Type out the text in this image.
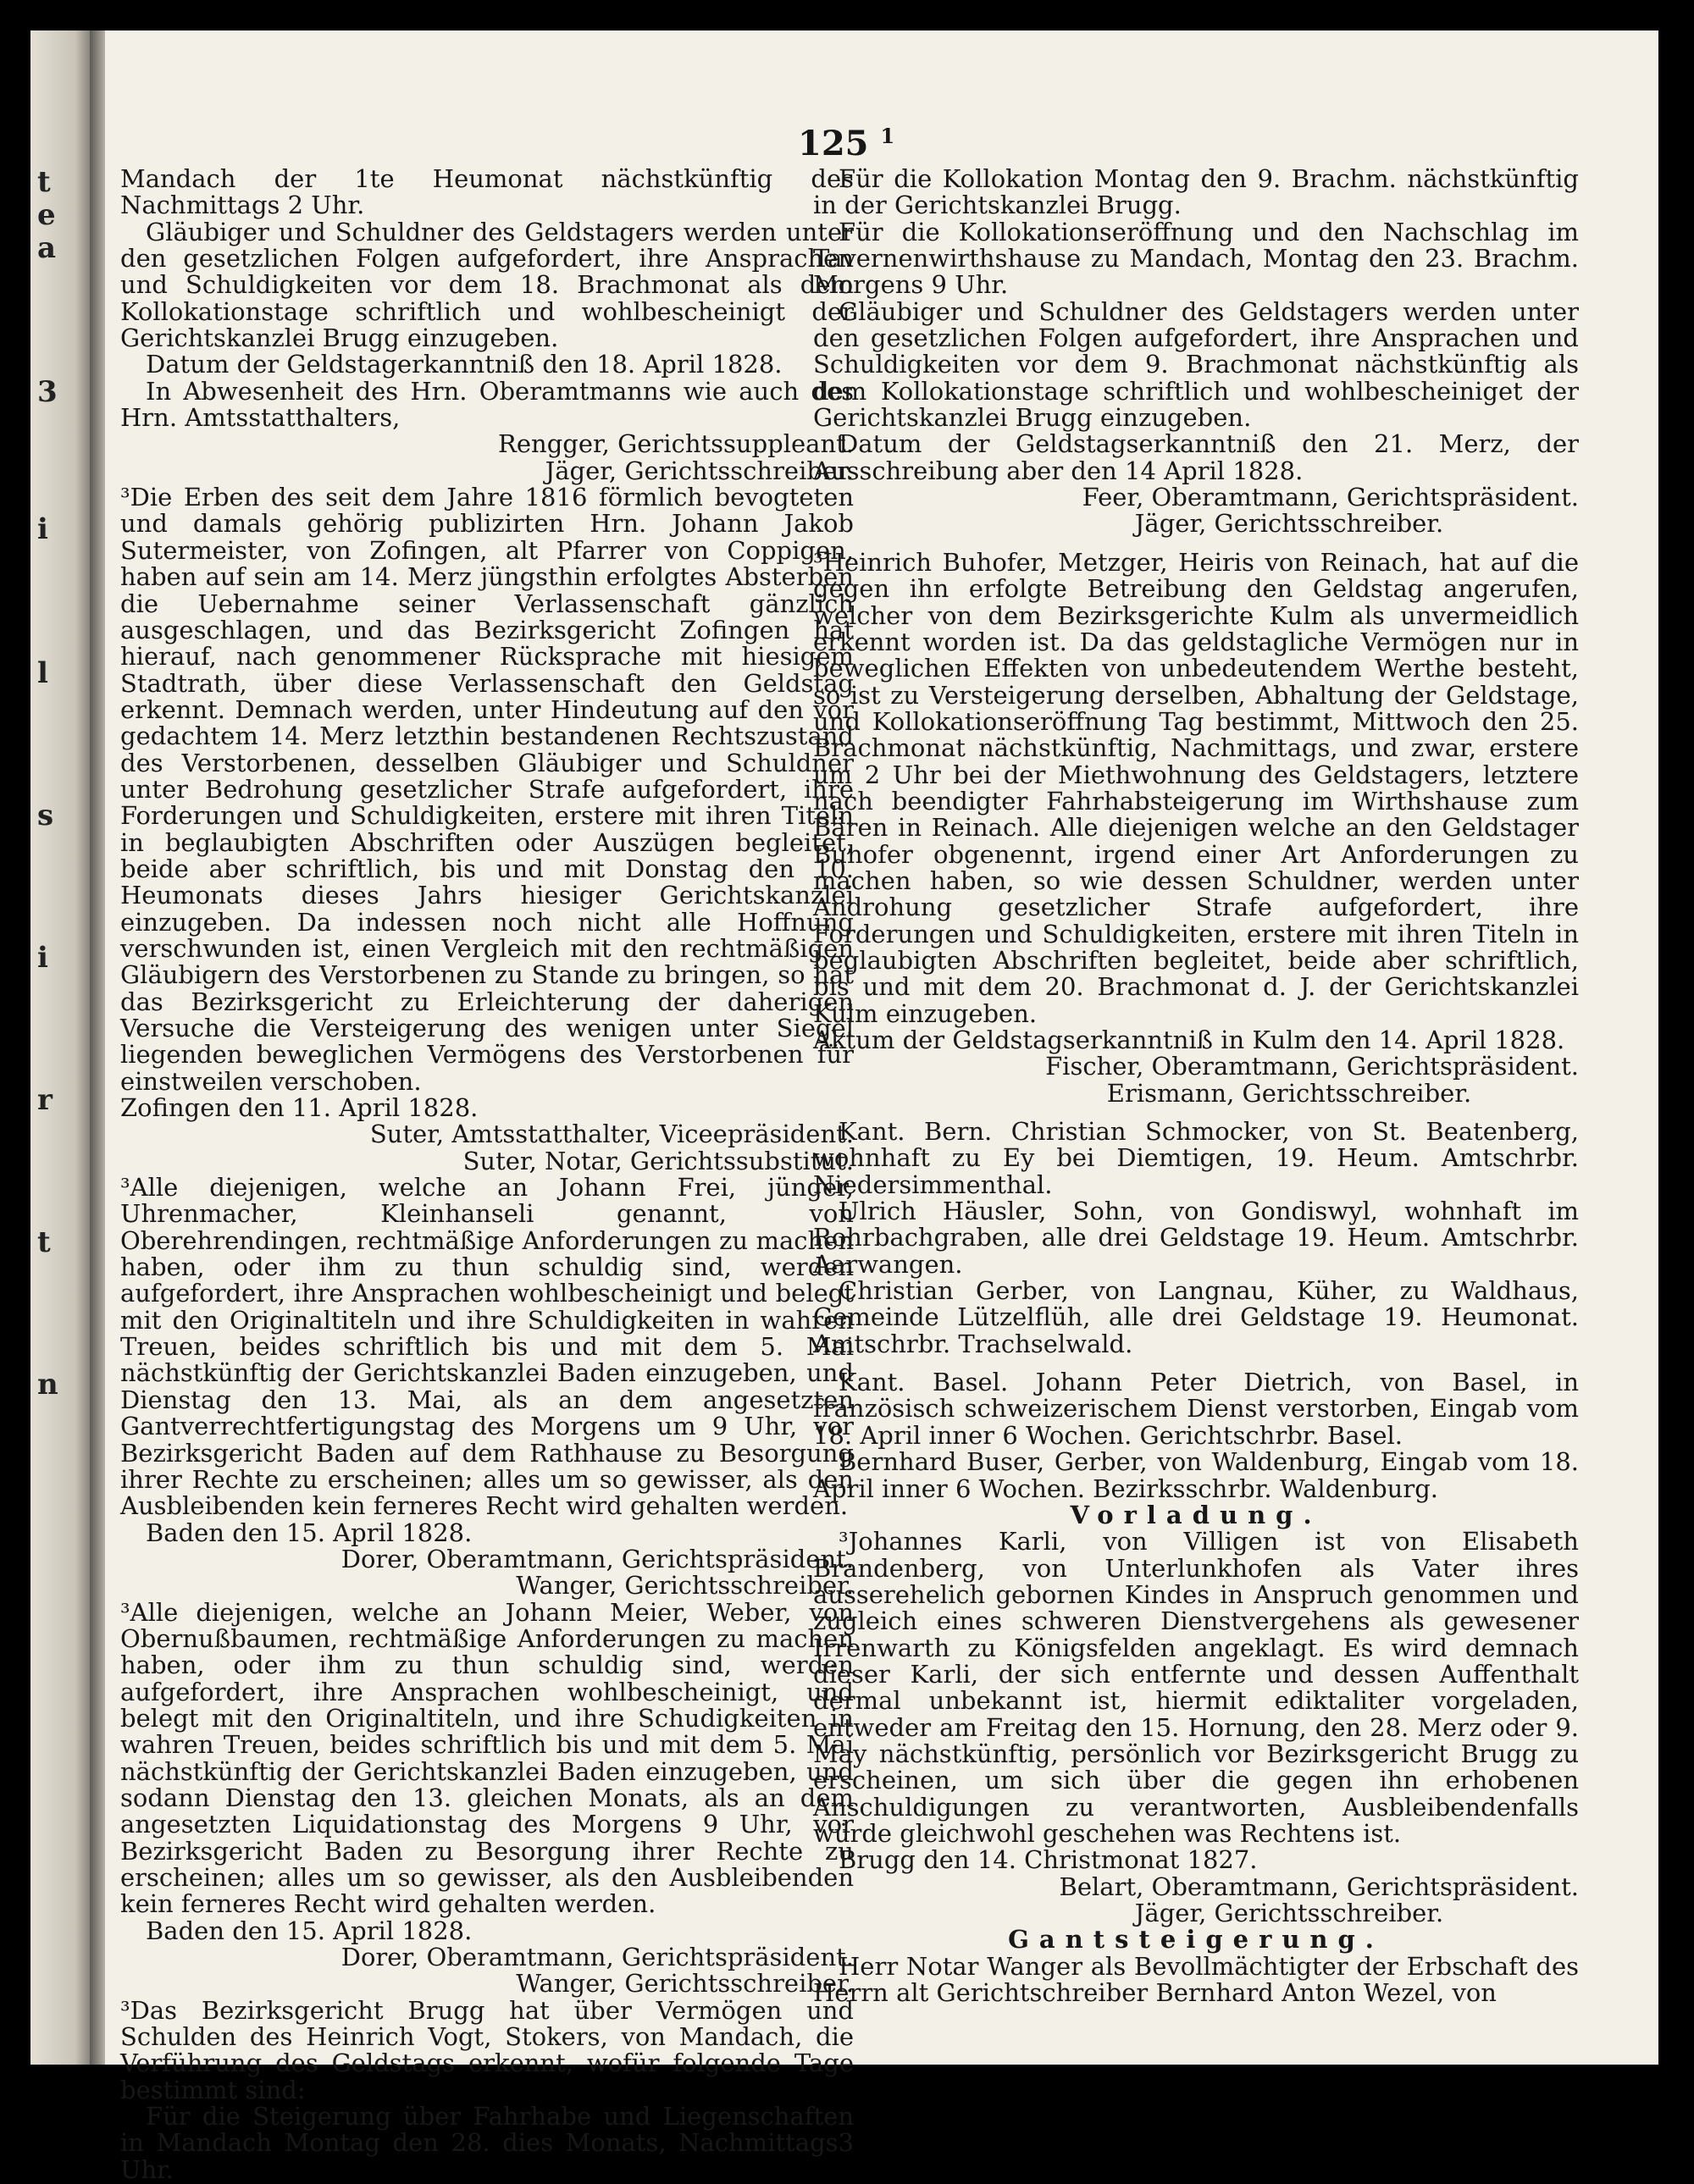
t
e
a
3
i
l
s
i
r
t
n
125 $^1$

Mandach der 1te Heumonat nächstkünftig des Nachmittags 2 Uhr.

Gläubiger und Schuldner des Geldstagers werden unter den gesetzlichen Folgen aufgefordert, ihre Ansprachen und Schuldigkeiten vor dem 18. Brachmonat als dem Kollokationstage schriftlich und wohlbescheinigt der Gerichtskanzlei Brugg einzugeben.

Datum der Geldstagerkanntniß den 18. April 1828.

In Abwesenheit des Hrn. Oberamtmanns wie auch des Hrn. Amtsstatthalters,

Rengger, Gerichtssuppleant.

Jäger, Gerichtsschreiber.

³Die Erben des seit dem Jahre 1816 förmlich bevogteten und damals gehörig publizirten Hrn. Johann Jakob Sutermeister, von Zofingen, alt Pfarrer von Coppigen, haben auf sein am 14. Merz jüngsthin erfolgtes Absterben die Uebernahme seiner Verlassenschaft gänzlich ausgeschlagen, und das Bezirksgericht Zofingen hat hierauf, nach genommener Rücksprache mit hiesigem Stadtrath, über diese Verlassenschaft den Geldstag erkennt. Demnach werden, unter Hindeutung auf den vor gedachtem 14. Merz letzthin bestandenen Rechtszustand des Verstorbenen, desselben Gläubiger und Schuldner unter Bedrohung gesetzlicher Strafe aufgefordert, ihre Forderungen und Schuldigkeiten, erstere mit ihren Titeln in beglaubigten Abschriften oder Auszügen begleitet, beide aber schriftlich, bis und mit Donstag den 10. Heumonats dieses Jahrs hiesiger Gerichtskanzlei einzugeben. Da indessen noch nicht alle Hoffnung verschwunden ist, einen Vergleich mit den rechtmäßigen Gläubigern des Verstorbenen zu Stande zu bringen, so hat das Bezirksgericht zu Erleichterung der daherigen Versuche die Versteigerung des wenigen unter Siegel liegenden beweglichen Vermögens des Verstorbenen für einstweilen verschoben.

Zofingen den 11. April 1828.

Suter, Amtsstatthalter, Viceepräsident.

Suter, Notar, Gerichtssubstitut.

³Alle diejenigen, welche an Johann Frei, jünger, Uhrenmacher, Kleinhanseli genannt, von Oberehrendingen, rechtmäßige Anforderungen zu machen haben, oder ihm zu thun schuldig sind, werden aufgefordert, ihre Ansprachen wohlbescheinigt und belegt mit den Originaltiteln und ihre Schuldigkeiten in wahren Treuen, beides schriftlich bis und mit dem 5. Mai nächstkünftig der Gerichtskanzlei Baden einzugeben, und Dienstag den 13. Mai, als an dem angesetzten Gantverrechtfertigungstag des Morgens um 9 Uhr, vor Bezirksgericht Baden auf dem Rathhause zu Besorgung ihrer Rechte zu erscheinen; alles um so gewisser, als den Ausbleibenden kein ferneres Recht wird gehalten werden.

Baden den 15. April 1828.

Dorer, Oberamtmann, Gerichtspräsident.

Wanger, Gerichtsschreiber.

³Alle diejenigen, welche an Johann Meier, Weber, von Obernußbaumen, rechtmäßige Anforderungen zu machen haben, oder ihm zu thun schuldig sind, werden aufgefordert, ihre Ansprachen wohlbescheinigt, und belegt mit den Originaltiteln, und ihre Schudigkeiten in wahren Treuen, beides schriftlich bis und mit dem 5. Mai nächstkünftig der Gerichtskanzlei Baden einzugeben, und sodann Dienstag den 13. gleichen Monats, als an dem angesetzten Liquidationstag des Morgens 9 Uhr, vor Bezirksgericht Baden zu Besorgung ihrer Rechte zu erscheinen; alles um so gewisser, als den Ausbleibenden kein ferneres Recht wird gehalten werden.

Baden den 15. April 1828.

Dorer, Oberamtmann, Gerichtspräsident.

Wanger, Gerichtsschreiber.

³Das Bezirksgericht Brugg hat über Vermögen und Schulden des Heinrich Vogt, Stokers, von Mandach, die Verführung des Geldstags erkennt, wofür folgende Tage bestimmt sind:

Für die Steigerung über Fahrhabe und Liegenschaften in Mandach Montag den 28. dies Monats, Nachmittags3 Uhr.

Für die Kollokation Montag den 9. Brachm. nächstkünftig in der Gerichtskanzlei Brugg.

Für die Kollokationseröffnung und den Nachschlag im Tavernenwirthshause zu Mandach, Montag den 23. Brachm. Morgens 9 Uhr.

Gläubiger und Schuldner des Geldstagers werden unter den gesetzlichen Folgen aufgefordert, ihre Ansprachen und Schuldigkeiten vor dem 9. Brachmonat nächstkünftig als dem Kollokationstage schriftlich und wohlbescheiniget der Gerichtskanzlei Brugg einzugeben.

Datum der Geldstagserkanntniß den 21. Merz, der Ausschreibung aber den 14 April 1828.

Feer, Oberamtmann, Gerichtspräsident.

Jäger, Gerichtsschreiber.

³Heinrich Buhofer, Metzger, Heiris von Reinach, hat auf die gegen ihn erfolgte Betreibung den Geldstag angerufen, welcher von dem Bezirksgerichte Kulm als unvermeidlich erkennt worden ist. Da das geldstagliche Vermögen nur in beweglichen Effekten von unbedeutendem Werthe besteht, so ist zu Versteigerung derselben, Abhaltung der Geldstage, und Kollokationseröffnung Tag bestimmt, Mittwoch den 25. Brachmonat nächstkünftig, Nachmittags, und zwar, erstere um 2 Uhr bei der Miethwohnung des Geldstagers, letztere nach beendigter Fahrhabsteigerung im Wirthshause zum Bären in Reinach. Alle diejenigen welche an den Geldstager Buhofer obgenennt, irgend einer Art Anforderungen zu machen haben, so wie dessen Schuldner, werden unter Androhung gesetzlicher Strafe aufgefordert, ihre Forderungen und Schuldigkeiten, erstere mit ihren Titeln in beglaubigten Abschriften begleitet, beide aber schriftlich, bis und mit dem 20. Brachmonat d. J. der Gerichtskanzlei Kulm einzugeben.

Aktum der Geldstagserkanntniß in Kulm den 14. April 1828.

Fischer, Oberamtmann, Gerichtspräsident.

Erismann, Gerichtsschreiber.

Kant. Bern. Christian Schmocker, von St. Beatenberg, wohnhaft zu Ey bei Diemtigen, 19. Heum. Amtschrbr. Niedersimmenthal.

Ulrich Häusler, Sohn, von Gondiswyl, wohnhaft im Rohrbachgraben, alle drei Geldstage 19. Heum. Amtschrbr. Aarwangen.

Christian Gerber, von Langnau, Küher, zu Waldhaus, Gemeinde Lützelflüh, alle drei Geldstage 19. Heumonat. Amtschrbr. Trachselwald.

Kant. Basel. Johann Peter Dietrich, von Basel, in französisch schweizerischem Dienst verstorben, Eingab vom 18. April inner 6 Wochen. Gerichtschrbr. Basel.

Bernhard Buser, Gerber, von Waldenburg, Eingab vom 18. April inner 6 Wochen. Bezirksschrbr. Waldenburg.

Vorladung.

³Johannes Karli, von Villigen ist von Elisabeth Brandenberg, von Unterlunkhofen als Vater ihres ausserehelich gebornen Kindes in Anspruch genommen und zugleich eines schweren Dienstvergehens als gewesener Irrenwarth zu Königsfelden angeklagt. Es wird demnach dieser Karli, der sich entfernte und dessen Auffenthalt dermal unbekannt ist, hiermit ediktaliter vorgeladen, entweder am Freitag den 15. Hornung, den 28. Merz oder 9. May nächstkünftig, persönlich vor Bezirksgericht Brugg zu erscheinen, um sich über die gegen ihn erhobenen Anschuldigungen zu verantworten, Ausbleibendenfalls würde gleichwohl geschehen was Rechtens ist.

Brugg den 14. Christmonat 1827.

Belart, Oberamtmann, Gerichtspräsident.

Jäger, Gerichtsschreiber.

Gantsteigerung.

Herr Notar Wanger als Bevollmächtigter der Erbschaft des Herrn alt Gerichtschreiber Bernhard Anton Wezel, von
